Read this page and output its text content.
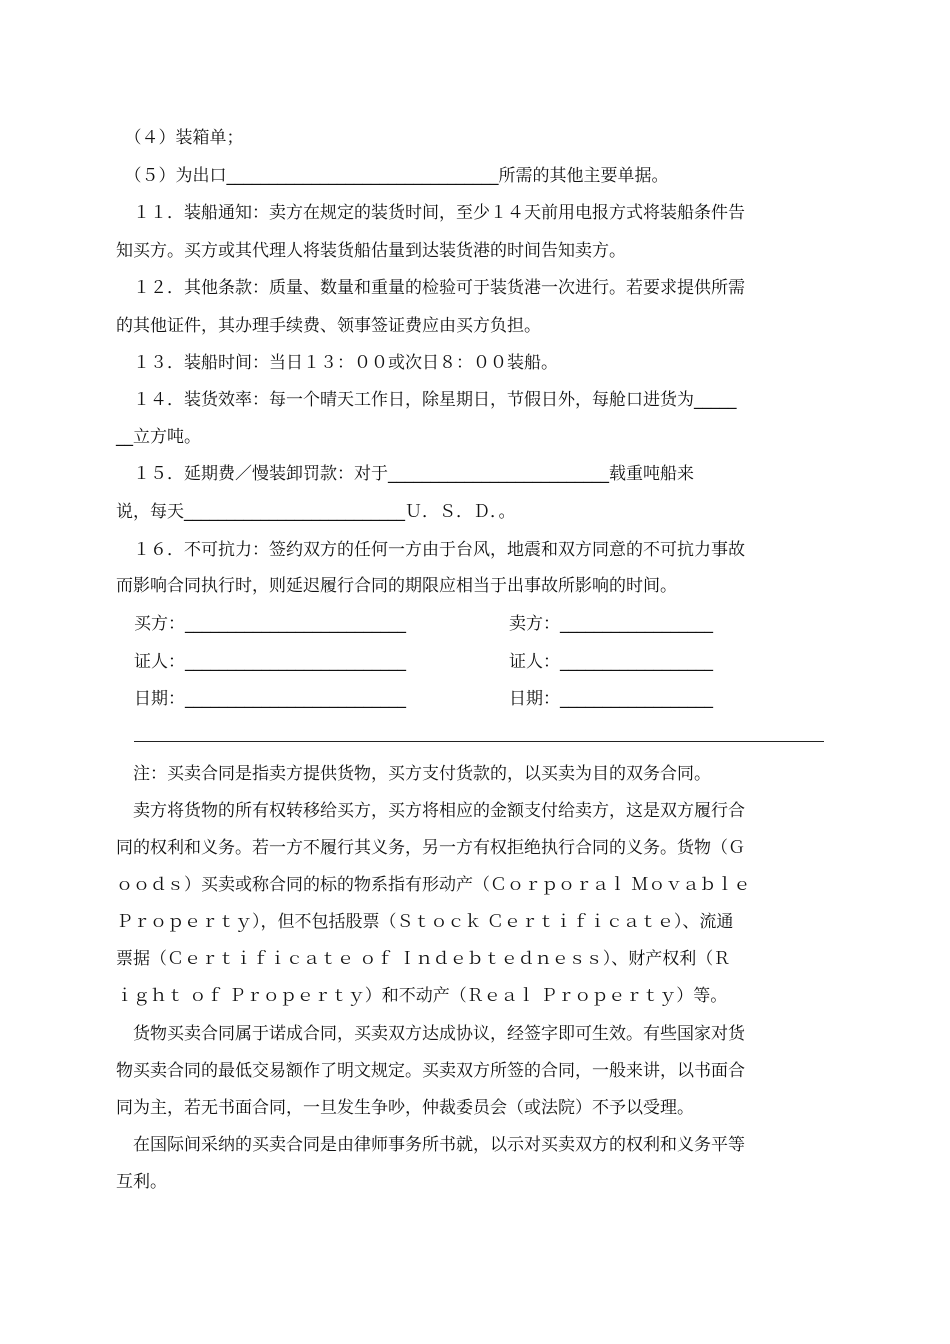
　（４）装箱单；
　（５）为出口________________________________所需的其他主要单据。
　１１．装船通知：卖方在规定的装货时间，至少１４天前用电报方式将装船条件告
知买方。买方或其代理人将装货船估量到达装货港的时间告知卖方。
　１２．其他条款：质量、数量和重量的检验可于装货港一次进行。若要求提供所需
的其他证件，其办理手续费、领事签证费应由买方负担。
　１３．装船时间：当日１３：００或次日８：００装船。
　１４．装货效率：每一个晴天工作日，除星期日，节假日外，每舱口进货为_____
__立方吨。
　１５．延期费／慢装卸罚款：对于__________________________载重吨船来
说，每天__________________________Ｕ．Ｓ．Ｄ．。
　１６．不可抗力：签约双方的任何一方由于台风，地震和双方同意的不可抗力事故
而影响合同执行时，则延迟履行合同的期限应相当于出事故所影响的时间。
买方：__________________________	卖方：__________________
证人：__________________________	证人：__________________
日期：__________________________	日期：__________________
　注：买卖合同是指卖方提供货物，买方支付货款的，以买卖为目的双务合同。
　卖方将货物的所有权转移给买方，买方将相应的金额支付给卖方，这是双方履行合
同的权利和义务。若一方不履行其义务，另一方有权拒绝执行合同的义务。货物（Ｇ
ｏｏｄｓ）买卖或称合同的标的物系指有形动产（Ｃｏｒｐｏｒａｌ Ｍｏｖａｂｌｅ
Ｐｒｏｐｅｒｔｙ），但不包括股票（Ｓｔｏｃｋ Ｃｅｒｔｉｆｉｃａｔｅ）、流通
票据（Ｃｅｒｔｉｆｉｃａｔｅ ｏｆ Ｉｎｄｅｂｔｅｄｎｅｓｓ）、财产权利（Ｒ
ｉｇｈｔ ｏｆ Ｐｒｏｐｅｒｔｙ）和不动产（Ｒｅａｌ Ｐｒｏｐｅｒｔｙ）等。
　货物买卖合同属于诺成合同，买卖双方达成协议，经签字即可生效。有些国家对货
物买卖合同的最低交易额作了明文规定。买卖双方所签的合同，一般来讲，以书面合
同为主，若无书面合同，一旦发生争吵，仲裁委员会（或法院）不予以受理。
　在国际间采纳的买卖合同是由律师事务所书就，以示对买卖双方的权利和义务平等
互利。
